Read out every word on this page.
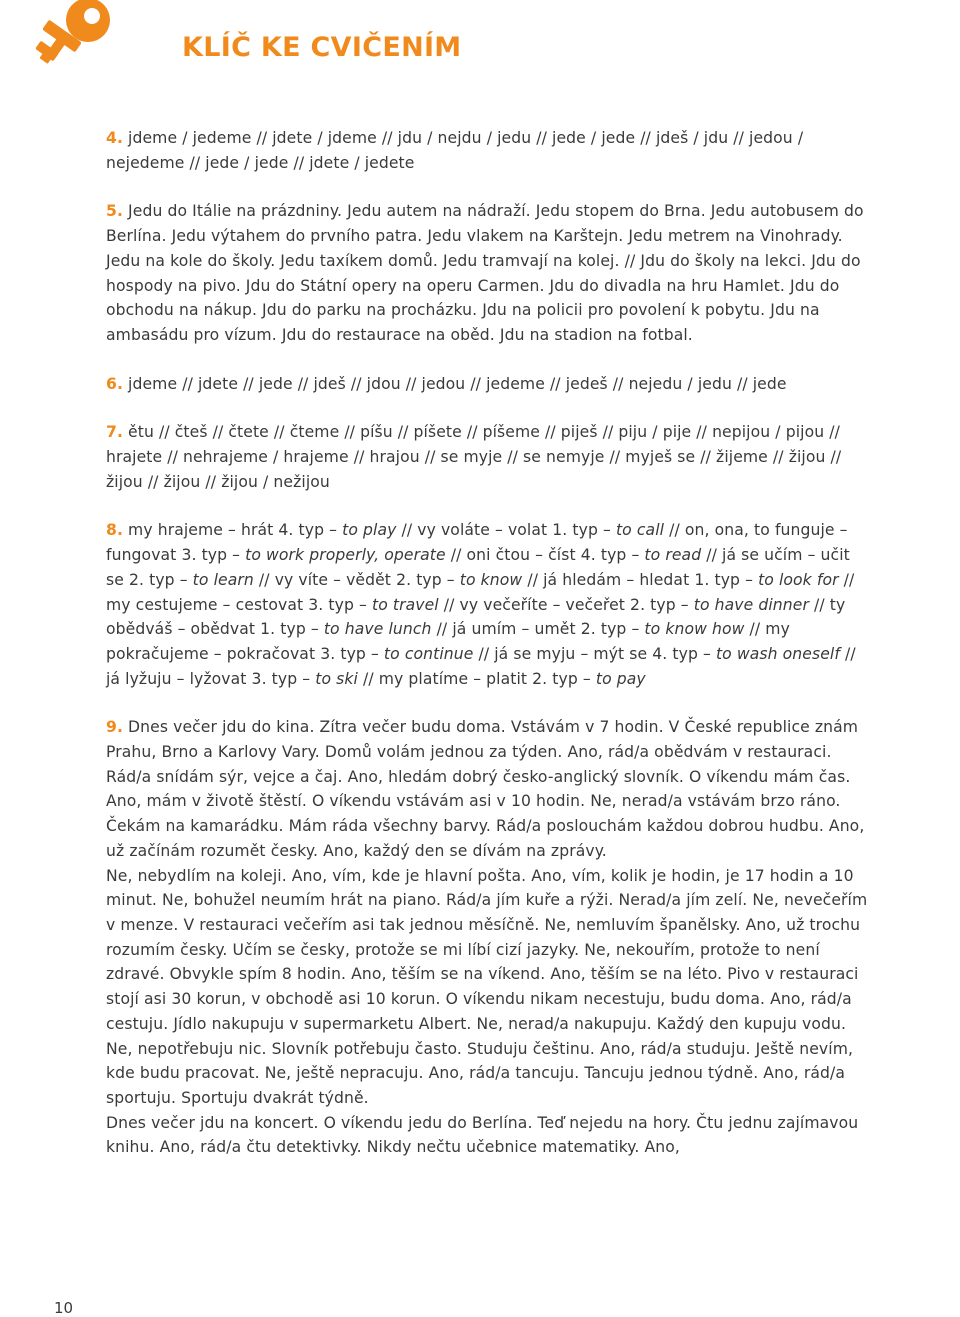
KLÍČ KE CVIČENÍM

4. jdeme / jedeme // jdete / jdeme // jdu / nejdu / jedu // jede / jede // jdeš / jdu // jedou / nejedeme // jede / jede // jdete / jedete

5. Jedu do Itálie na prázdniny. Jedu autem na nádraží. Jedu stopem do Brna. Jedu autobusem do Berlína. Jedu výtahem do prvního patra. Jedu vlakem na Karštejn. Jedu metrem na Vinohrady. Jedu na kole do školy. Jedu taxíkem domů. Jedu tramvají na kolej. // Jdu do školy na lekci. Jdu do hospody na pivo. Jdu do Státní opery na operu Carmen. Jdu do divadla na hru Hamlet. Jdu do obchodu na nákup. Jdu do parku na procházku. Jdu na policii pro povolení k pobytu. Jdu na ambasádu pro vízum. Jdu do restaurace na oběd. Jdu na stadion na fotbal.

6. jdeme // jdete // jede // jdeš // jdou // jedou // jedeme // jedeš // nejedu / jedu // jede

7. ětu // čteš // čtete // čteme // píšu // píšete // píšeme // piješ // piju / pije // nepijou / pijou // hrajete // nehrajeme / hrajeme // hrajou // se myje // se nemyje // myješ se // žijeme // žijou // žijou // žijou // žijou / nežijou

8. my hrajeme – hrát 4. typ – to play // vy voláte – volat 1. typ – to call // on, ona, to funguje – fungovat 3. typ – to work properly, operate // oni čtou – číst 4. typ – to read // já se učím – učit se 2. typ – to learn // vy víte – vědět 2. typ – to know // já hledám – hledat 1. typ – to look for // my cestujeme – cestovat 3. typ – to travel // vy večeříte – večeřet 2. typ – to have dinner // ty obědváš – obědvat 1. typ – to have lunch // já umím – umět 2. typ – to know how // my pokračujeme – pokračovat 3. typ – to continue // já se myju – mýt se 4. typ – to wash oneself // já lyžuju – lyžovat 3. typ – to ski // my platíme – platit 2. typ – to pay

9. Dnes večer jdu do kina. Zítra večer budu doma. Vstávám v 7 hodin. V České republice znám Prahu, Brno a Karlovy Vary. Domů volám jednou za týden. Ano, rád/a obědvám v restauraci. Rád/a snídám sýr, vejce a čaj. Ano, hledám dobrý česko-anglický slovník. O víkendu mám čas. Ano, mám v životě štěstí. O víkendu vstávám asi v 10 hodin. Ne, nerad/a vstávám brzo ráno. Čekám na kamarádku. Mám ráda všechny barvy. Rád/a poslouchám každou dobrou hudbu. Ano, už začínám rozumět česky. Ano, každý den se dívám na zprávy.

Ne, nebydlím na koleji. Ano, vím, kde je hlavní pošta. Ano, vím, kolik je hodin, je 17 hodin a 10 minut. Ne, bohužel neumím hrát na piano. Rád/a jím kuře a rýži. Nerad/a jím zelí. Ne, nevečeřím v menze. V restauraci večeřím asi tak jednou měsíčně. Ne, nemluvím španělsky. Ano, už trochu rozumím česky. Učím se česky, protože se mi líbí cizí jazyky. Ne, nekouřím, protože to není zdravé. Obvykle spím 8 hodin. Ano, těším se na víkend. Ano, těším se na léto. Pivo v restauraci stojí asi 30 korun, v obchodě asi 10 korun. O víkendu nikam necestuju, budu doma. Ano, rád/a cestuju. Jídlo nakupuju v supermarketu Albert. Ne, nerad/a nakupuju. Každý den kupuju vodu. Ne, nepotřebuju nic. Slovník potřebuju často. Studuju češtinu. Ano, rád/a studuju. Ještě nevím, kde budu pracovat. Ne, ještě nepracuju. Ano, rád/a tancuju. Tancuju jednou týdně. Ano, rád/a sportuju. Sportuju dvakrát týdně.

Dnes večer jdu na koncert. O víkendu jedu do Berlína. Teď nejedu na hory. Čtu jednu zajímavou knihu. Ano, rád/a čtu detektivky. Nikdy nečtu učebnice matematiky. Ano,

10
